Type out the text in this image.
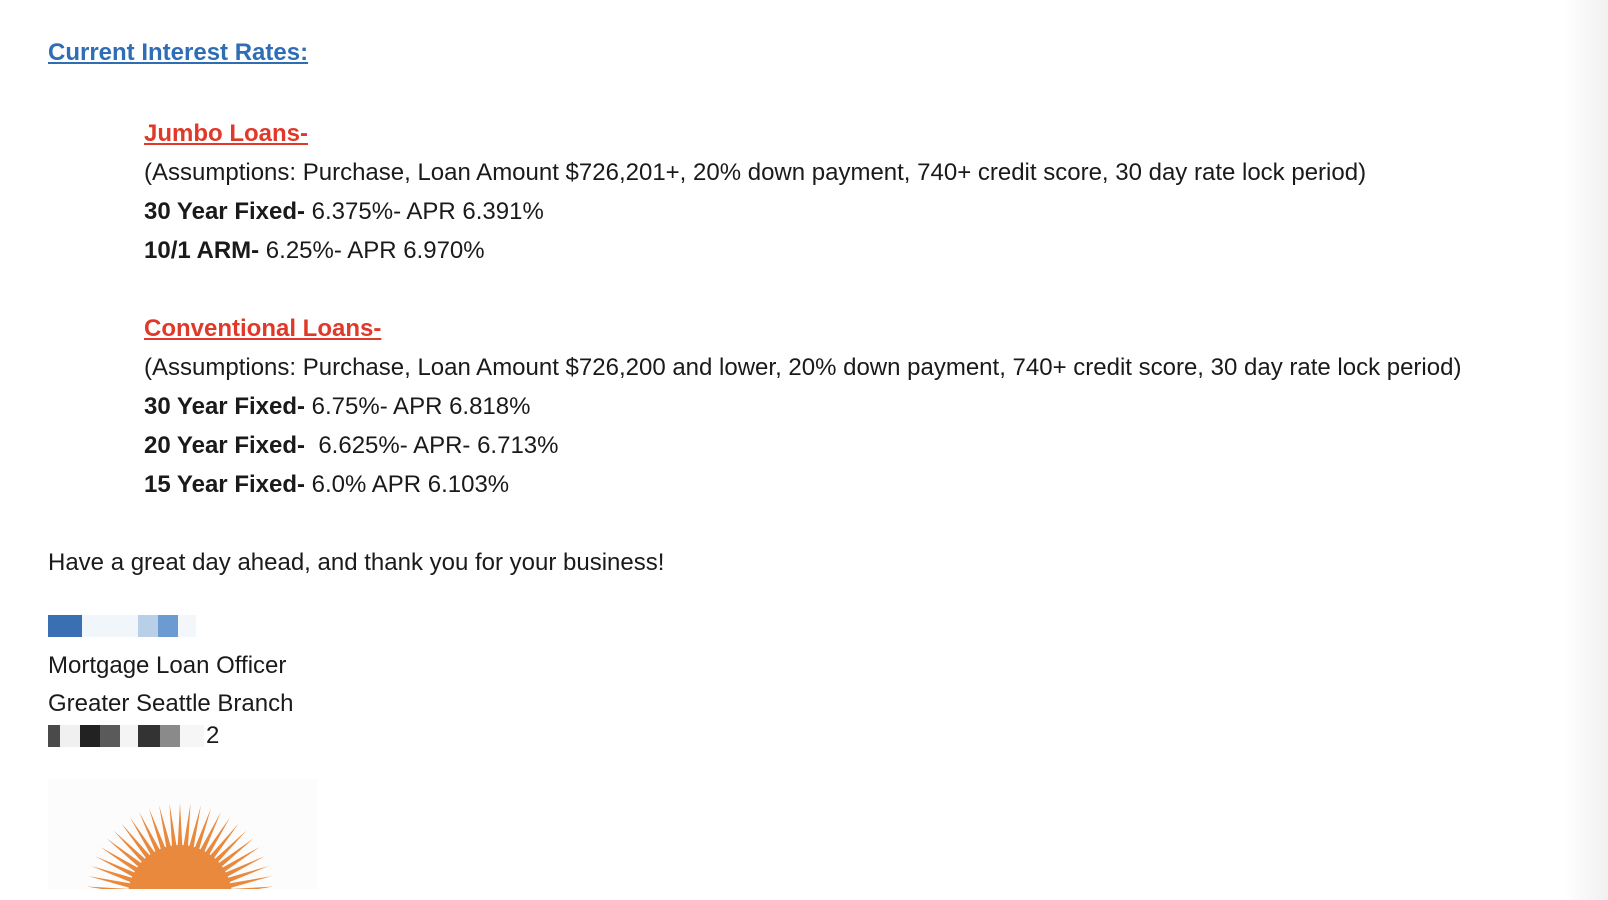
Current Interest Rates:

Jumbo Loans-

(Assumptions: Purchase, Loan Amount $726,201+, 20% down payment, 740+ credit score, 30 day rate lock period)

30 Year Fixed- 6.375%- APR 6.391%

10/1 ARM- 6.25%- APR 6.970%

Conventional Loans-

(Assumptions: Purchase, Loan Amount $726,200 and lower, 20% down payment, 740+ credit score, 30 day rate lock period)

30 Year Fixed- 6.75%- APR 6.818%

20 Year Fixed-  6.625%- APR- 6.713%

15 Year Fixed- 6.0% APR 6.103%

Have a great day ahead, and thank you for your business!

Mortgage Loan Officer

Greater Seattle Branch

2
